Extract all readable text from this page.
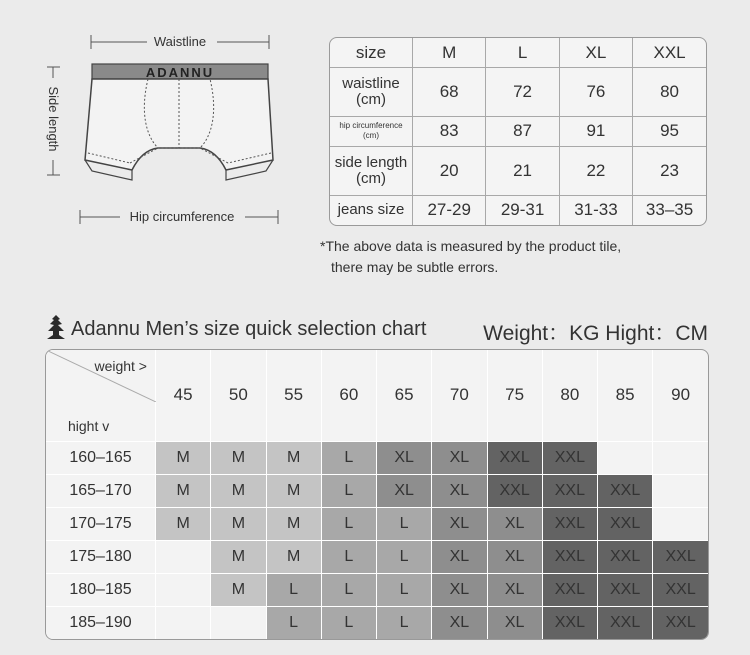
Waistline
ADANNU
Side length
Hip circumference
size	M	L	XL	XXL
waistline
(cm)	68	72	76	80
hip circumference
(cm)	83	87	91	95
side length
(cm)	20	21	22	23
jeans size	27-29	29-31	31-33	33–35
*The above data is measured by the product tile,
there may be subtle errors.
Adannu Men’s size quick selection chart	Weight：KG Hight：CM
weight >
hight v	45	50	55	60	65	70	75	80	85	90
160–165	M	M	M	L	XL	XL	XXL	XXL		
165–170	M	M	M	L	XL	XL	XXL	XXL	XXL	
170–175	M	M	M	L	L	XL	XL	XXL	XXL	
175–180		M	M	L	L	XL	XL	XXL	XXL	XXL
180–185		M	L	L	L	XL	XL	XXL	XXL	XXL
185–190			L	L	L	XL	XL	XXL	XXL	XXL
